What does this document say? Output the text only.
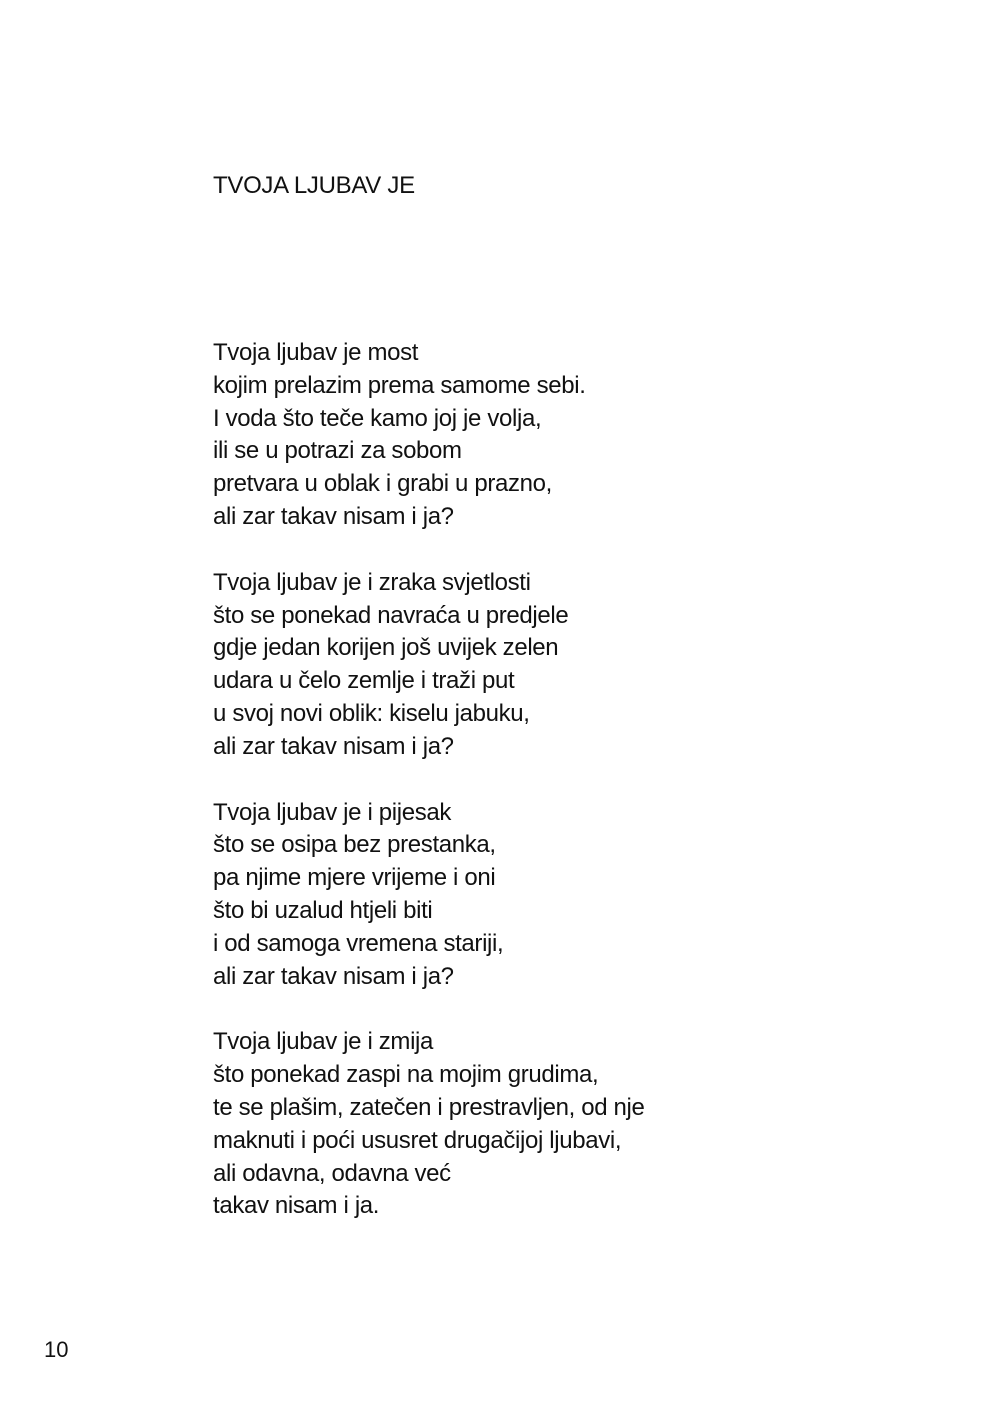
TVOJA LJUBAV JE
Tvoja ljubav je most
kojim prelazim prema samome sebi.
I voda što teče kamo joj je volja,
ili se u potrazi za sobom
pretvara u oblak i grabi u prazno,
ali zar takav nisam i ja?
Tvoja ljubav je i zraka svjetlosti
što se ponekad navraća u predjele
gdje jedan korijen još uvijek zelen
udara u čelo zemlje i traži put
u svoj novi oblik: kiselu jabuku,
ali zar takav nisam i ja?
Tvoja ljubav je i pijesak
što se osipa bez prestanka,
pa njime mjere vrijeme i oni
što bi uzalud htjeli biti
i od samoga vremena stariji,
ali zar takav nisam i ja?
Tvoja ljubav je i zmija
što ponekad zaspi na mojim grudima,
te se plašim, zatečen i prestravljen, od nje
maknuti i poći ususret drugačijoj ljubavi,
ali odavna, odavna već
takav nisam i ja.
10
